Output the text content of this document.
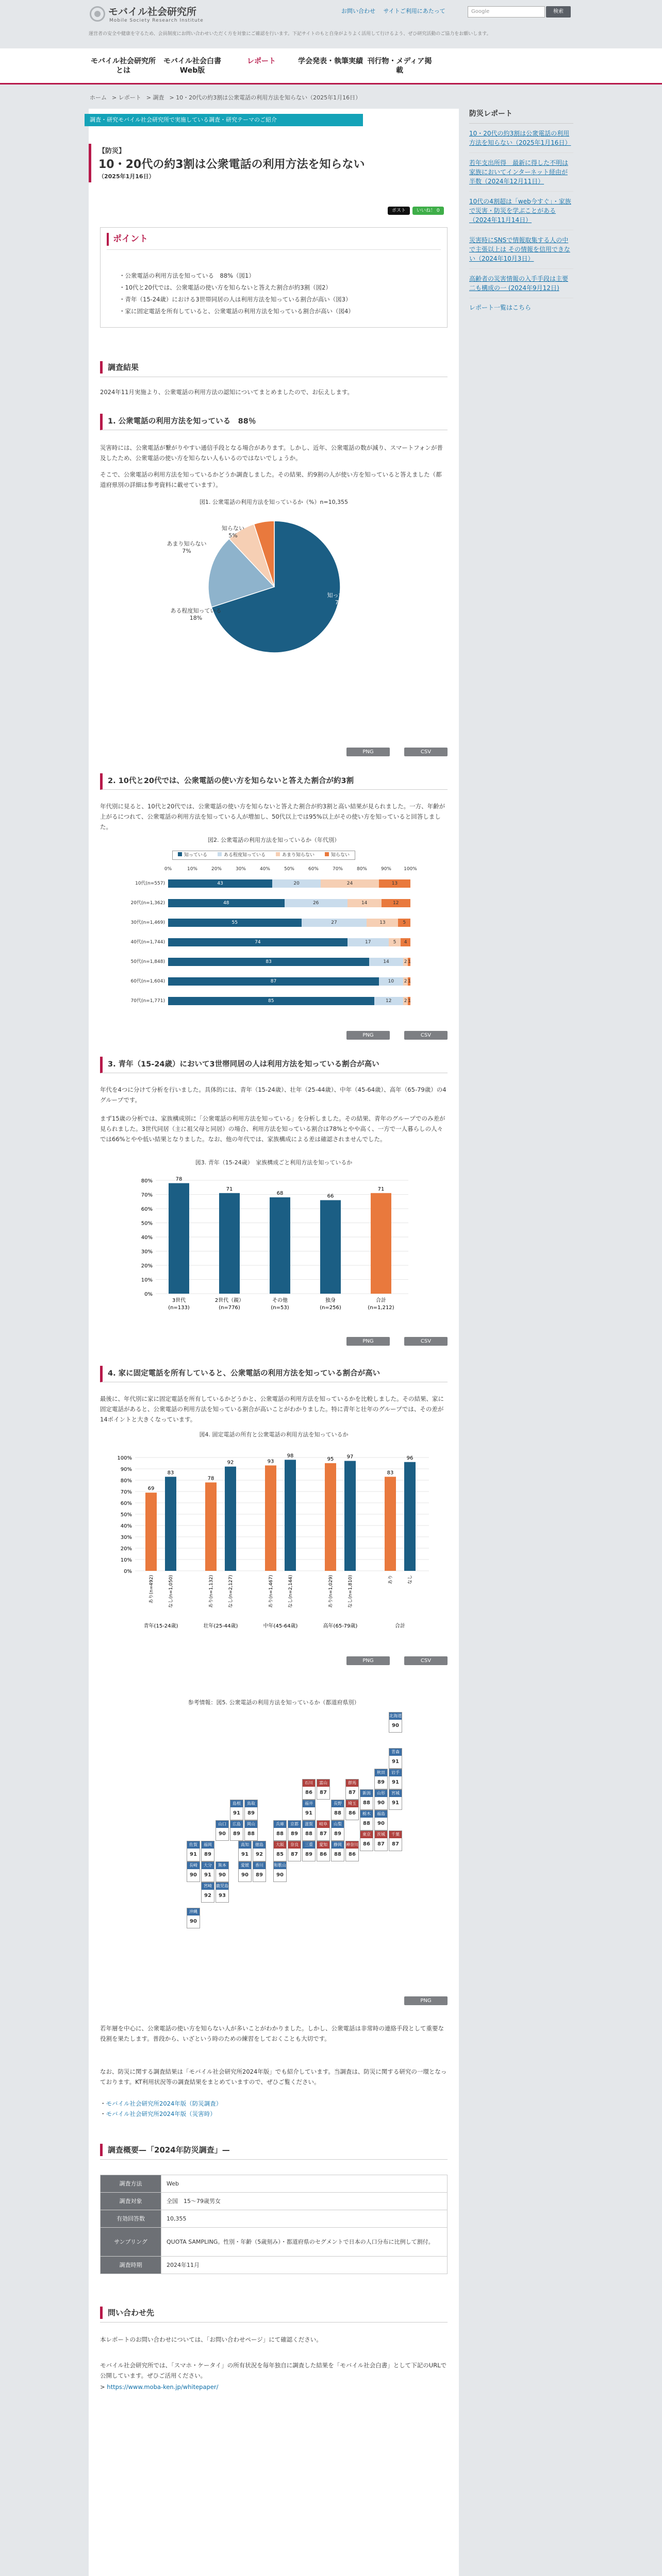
モバイル社会研究所
Mobile Society Research Institute
お問い合わせ サイトご利用にあたって	Google	検索
運営者の安全や健康を守るため、会員制度にお問い合わせいただく方を対象にご確認を行います。下記サイトのもと自身がよりよく活用して行けるよう、ぜひ研究活動のご協力をお願いします。
モバイル社会研究所とは
モバイル社会白書 Web版
レポート	学会発表・執筆実績 刊行物・メディア掲載
ホーム > レポート > 調査 > 10・20代の約3割は公衆電話の利用方法を知らない（2025年1月16日）
調査・研究モバイル社会研究所で実施している調査・研究テーマのご紹介
【防災】
10・20代の約3割は公衆電話の利用方法を知らない
（2025年1月16日）
ポスト	いいね！ 0
ポイント
・公衆電話の利用方法を知っている　88%（図1）
・10代と20代では、公衆電話の使い方を知らないと答えた割合が約3割（図2）
・青年（15-24歳）における3世帯同居の人は利用方法を知っている割合が高い（図3）
・家に固定電話を所有していると、公衆電話の利用方法を知っている割合が高い（図4）
調査結果
2024年11月実施より、公衆電話の利用方法の認知についてまとめましたので、お伝えします。
1. 公衆電話の利用方法を知っている　88％
災害時には、公衆電話が繋がりやすい通信手段となる場合があります。しかし、近年、公衆電話の数が減り、スマートフォンが普及したため、公衆電話の使い方を知らない人もいるのではないでしょうか。
そこで、公衆電話の利用方法を知っているかどうか調査しました。その結果、約9割の人が使い方を知っていると答えました（都道府県別の詳細は参考資料に載せています）。
図1. 公衆電話の利用方法を知っているか（%）n=10,355
知っている
70%
ある程度知っている
18%
あまり知らない
7%
知らない
5%
PNG	CSV
2. 10代と20代では、公衆電話の使い方を知らないと答えた割合が約3割
年代別に見ると、10代と20代では、公衆電話の使い方を知らないと答えた割合が約3割と高い結果が見られました。一方、年齢が上がるにつれて、公衆電話の利用方法を知っている人が増加し、50代以上では95%以上がその使い方を知っていると回答しました。
図2. 公衆電話の利用方法を知っているか（年代別）
知っている	ある程度知っている	あまり知らない	知らない
0%	10%	20%	30%	40%	50%	60%	70%	80%	90%	100%
10代(n=557)	43	20	24	13
20代(n=1,362)	48	26	14	12
30代(n=1,469)	55	27	13	5
40代(n=1,744)	74	17	5	4
50代(n=1,848)	83	14	2 1
60代(n=1,604)	87	10	2 1
70代(n=1,771)	85	12	2 1
PNG	CSV
3. 青年（15-24歳）において3世帯同居の人は利用方法を知っている割合が高い
年代を4つに分けて分析を行いました。具体的には、青年（15-24歳）、壮年（25-44歳）、中年（45-64歳）、高年（65-79歳）の4グループです。
まず15歳の分析では、家族構成別に「公衆電話の利用方法を知っている」を分析しました。その結果、青年のグループでのみ差が見られました。3世代同居（主に祖父母と同居）の場合、利用方法を知っている割合は78%とやや高く、一方で一人暮らしの人々では66%とやや低い結果となりました。なお、他の年代では、家族構成による差は確認されませんでした。
図3. 青年（15-24歳）　家族構成ごと利用方法を知っているか
0%
10%
20%
30%
40%
50%
60%
70%
80%	78
3世代
(n=133)
71
2世代（親）
(n=776)
68
その他
(n=53)
66
独身
(n=256)
71
合計
(n=1,212)
PNG	CSV
4. 家に固定電話を所有していると、公衆電話の利用方法を知っている割合が高い
最後に、年代別に家に固定電話を所有しているかどうかと、公衆電話の利用方法を知っているかを比較しました。その結果、家に固定電話があると、公衆電話の利用方法を知っている割合が高いことがわかりました。特に青年と壮年のグループでは、その差が14ポイントと大きくなっています。
図4. 固定電話の所有と公衆電話の利用方法を知っているか
0%
10%
20%
30%
40%
50%
60%
70%
80%
90%
100%
69
あり(n=492)
83
なし(n=1,050)
青年(15-24歳)
78
あり(n=1,132)
92
なし(n=2,127)
壮年(25-44歳)
93
あり(n=1,467)
98
なし(n=2,144)
中年(45-64歳)
95
あり(n=1,029)
97
なし(n=1,810)
高年(65-79歳)
83
あり
96
なし
合計
PNG	CSV
参考情報：図5. 公衆電話の利用方法を知っているか（都道府県別）
北海道
90
青森
91
秋田
89
岩手
91
山形
90
宮城
91
新潟
88
福島
90
富山
87
石川
86
群馬
87
栃木
88
茨城
87
福井
91
長野
88
埼玉
86
東京
86
千葉
87
京都
89
滋賀
88
岐阜
87
山梨
89
神奈川
86
兵庫
88
大阪
85
奈良
87
愛知
86
静岡
88
和歌山
90
三重
89
鳥取
89
島根
91
岡山
88
広島
89
山口
90
香川
89
徳島
92
愛媛
90
高知
91
福岡
89
佐賀
91
長崎
90
大分
91
熊本
90
宮崎
92
鹿児島
93
沖縄
90
PNG
若年層を中心に、公衆電話の使い方を知らない人が多いことがわかりました。しかし、公衆電話は非常時の連絡手段として重要な役割を果たします。普段から、いざという時のための練習をしておくことも大切です。
なお、防災に関する調査結果は「モバイル社会研究所2024年版」でも紹介しています。当調査は、防災に関する研究の一環となっております。KT利用状況等の調査結果をまとめていますので、ぜひご覧ください。
・モバイル社会研究所2024年版（防災調査）
・モバイル社会研究所2024年版（災害時）
調査概要—「2024年防災調査」—
調査方法	Web
調査対象	全国　15〜79歳男女
有効回答数	10,355
サンプリング	QUOTA SAMPLING。性別・年齢（5歳刻み）・都道府県のセグメントで日本の人口分布に比例して割付。
調査時期	2024年11月
問い合わせ先
本レポートのお問い合わせについては、「お問い合わせページ」にて確認ください。
モバイル社会研究所では、「スマホ・ケータイ」の所有状況を毎年独自に調査した結果を「モバイル社会白書」として下記のURLで公開しています。ぜひご活用ください。
> https://www.moba-ken.jp/whitepaper/
防災レポート
10・20代の約3割は公衆電話の利用方法を知らない（2025年1月16日）
若年支出所得　最新に得した不明は家族においてインターネット経由が半数（2024年12月11日）
10代の4割超は「web今すぐ」・家族で災害・防災を学ぶことがある（2024年11月14日）
災害時にSNSで情報取集する人の中で主張以上は その情報を信用できない（2024年10月3日）
高齢者の災害情報の入手手段は主要二も構成の一 (2024年9月12日)
レポート一覧はこちら
